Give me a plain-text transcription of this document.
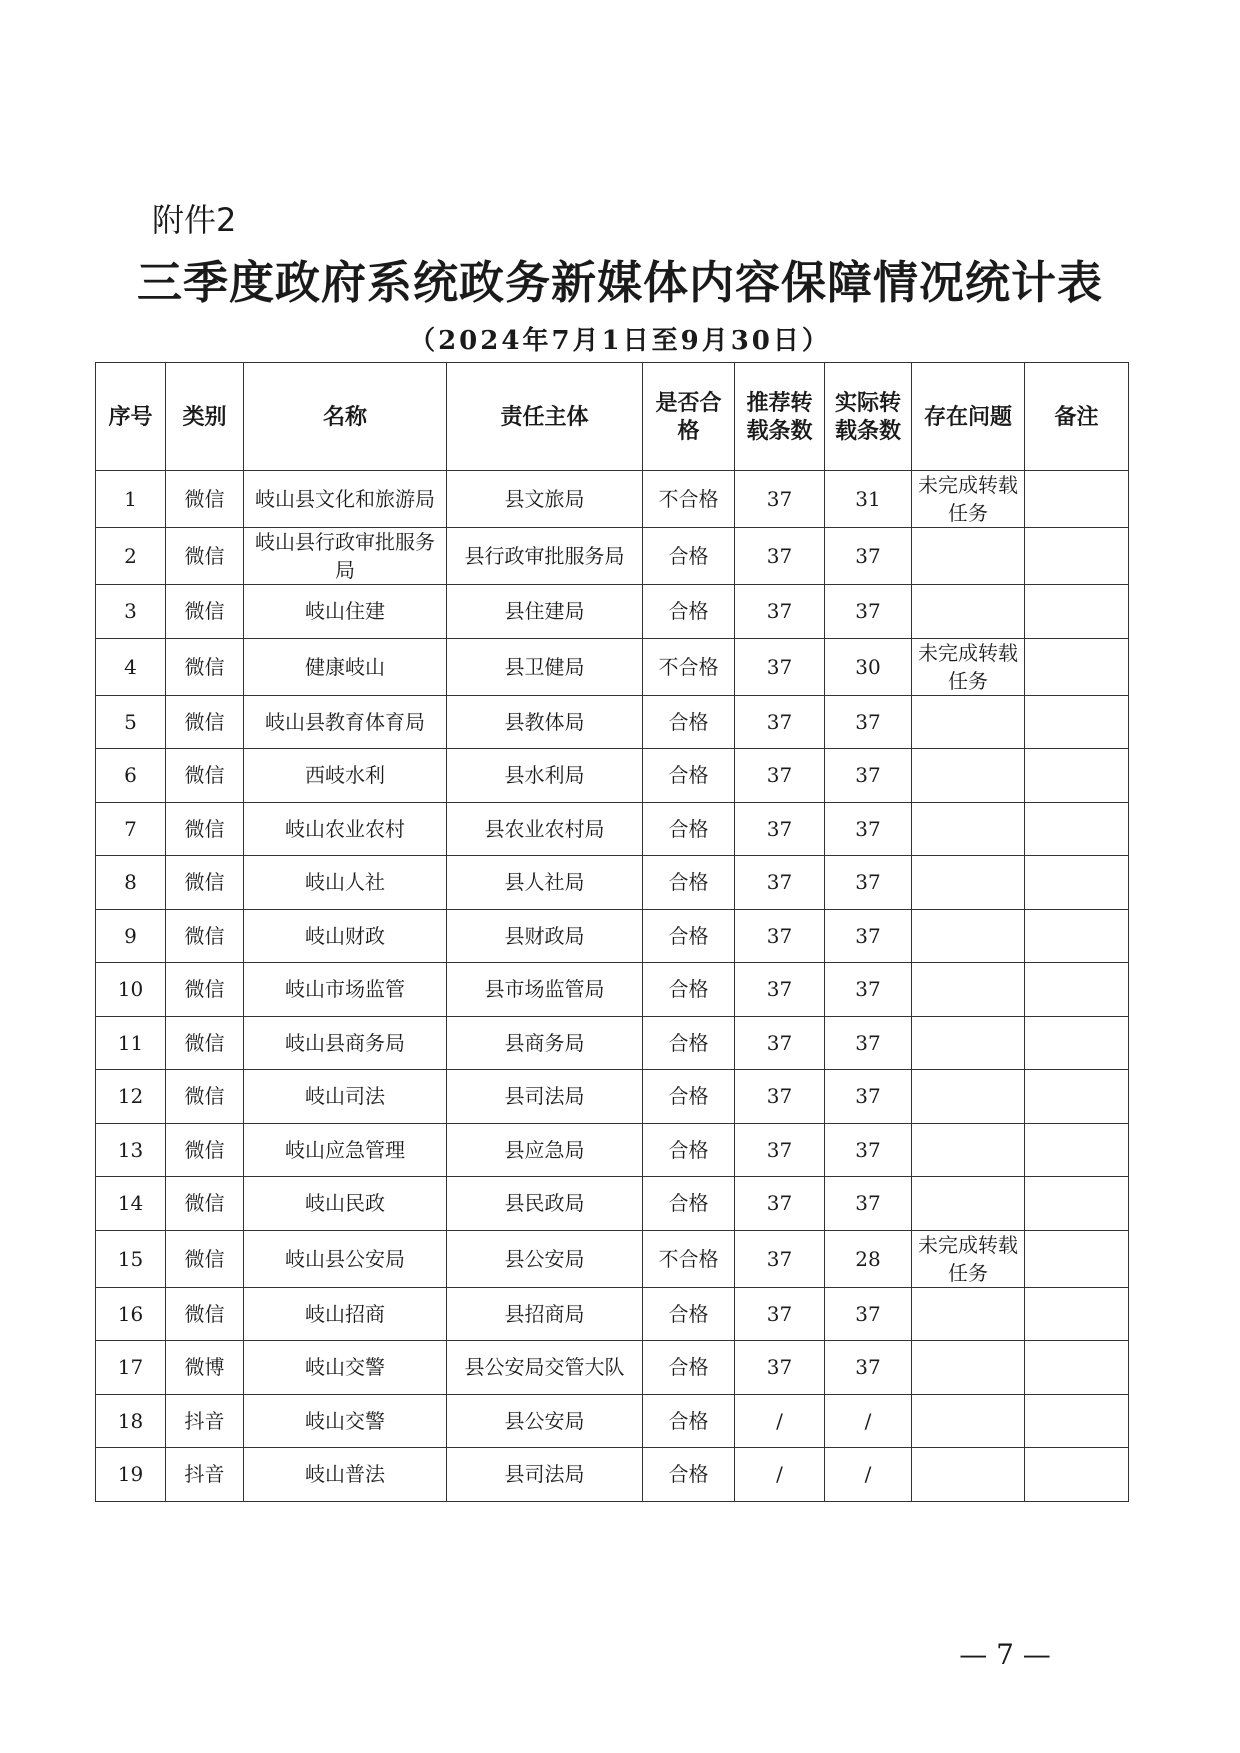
附件2
三季度政府系统政务新媒体内容保障情况统计表
（2024年7月1日至9月30日）
序号	类别	名称	责任主体	是否合格	推荐转载条数	实际转载条数	存在问题	备注
1	微信	岐山县文化和旅游局	县文旅局	不合格	37	31	未完成转载任务	
2	微信	岐山县行政审批服务局	县行政审批服务局	合格	37	37		
3	微信	岐山住建	县住建局	合格	37	37		
4	微信	健康岐山	县卫健局	不合格	37	30	未完成转载任务	
5	微信	岐山县教育体育局	县教体局	合格	37	37		
6	微信	西岐水利	县水利局	合格	37	37		
7	微信	岐山农业农村	县农业农村局	合格	37	37		
8	微信	岐山人社	县人社局	合格	37	37		
9	微信	岐山财政	县财政局	合格	37	37		
10	微信	岐山市场监管	县市场监管局	合格	37	37		
11	微信	岐山县商务局	县商务局	合格	37	37		
12	微信	岐山司法	县司法局	合格	37	37		
13	微信	岐山应急管理	县应急局	合格	37	37		
14	微信	岐山民政	县民政局	合格	37	37		
15	微信	岐山县公安局	县公安局	不合格	37	28	未完成转载任务	
16	微信	岐山招商	县招商局	合格	37	37		
17	微博	岐山交警	县公安局交管大队	合格	37	37		
18	抖音	岐山交警	县公安局	合格	/	/		
19	抖音	岐山普法	县司法局	合格	/	/		
— 7 —
